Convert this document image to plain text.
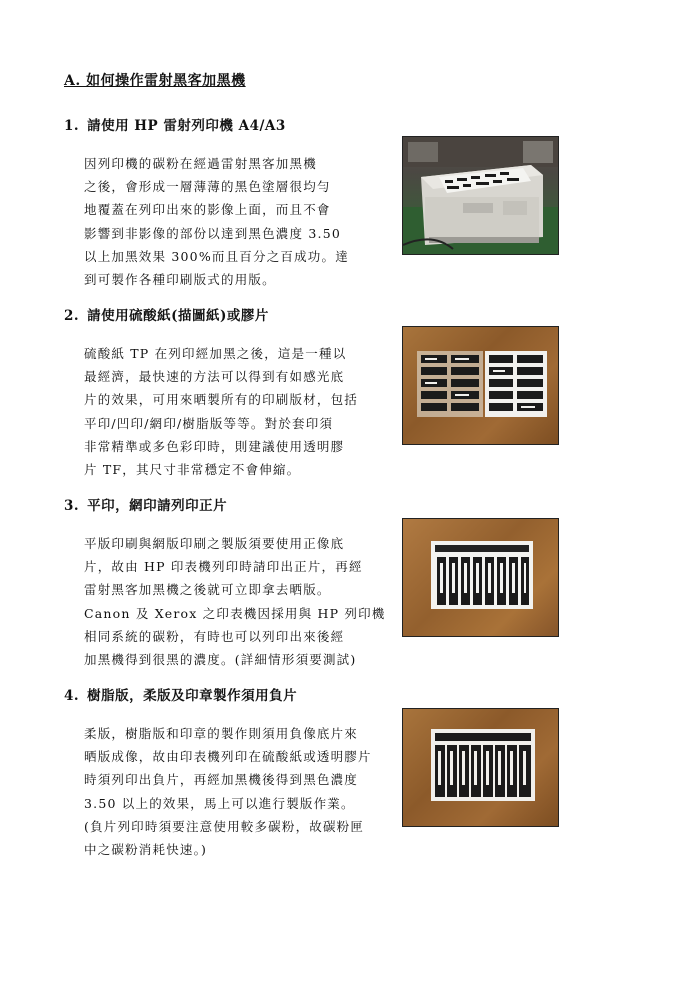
A. 如何操作雷射黑客加黑機
1. 請使用 HP 雷射列印機 A4/A3
因列印機的碳粉在經過雷射黑客加黑機
之後，會形成一層薄薄的黑色塗層很均勻
地覆蓋在列印出來的影像上面，而且不會
影響到非影像的部份以達到黑色濃度 3.50
以上加黑效果 300%而且百分之百成功。達
到可製作各種印刷版式的用版。
2. 請使用硫酸紙(描圖紙)或膠片
硫酸紙 TP 在列印經加黑之後，這是一種以
最經濟，最快速的方法可以得到有如感光底
片的效果，可用來晒製所有的印刷版材，包括
平印/凹印/網印/樹脂版等等。對於套印須
非常精準或多色彩印時，則建議使用透明膠
片 TF，其尺寸非常穩定不會伸縮。
3. 平印，網印請列印正片
平版印刷與網版印刷之製版須要使用正像底
片，故由 HP 印表機列印時請印出正片，再經
雷射黑客加黑機之後就可立即拿去晒版。
Canon 及 Xerox 之印表機因採用與 HP 列印機
相同系統的碳粉，有時也可以列印出來後經
加黑機得到很黑的濃度。(詳細情形須要測試)
4. 樹脂版，柔版及印章製作須用負片
柔版，樹脂版和印章的製作則須用負像底片來
晒版成像，故由印表機列印在硫酸紙或透明膠片
時須列印出負片，再經加黑機後得到黑色濃度
3.50 以上的效果，馬上可以進行製版作業。
(負片列印時須要注意使用較多碳粉，故碳粉匣
中之碳粉消耗快速。)
